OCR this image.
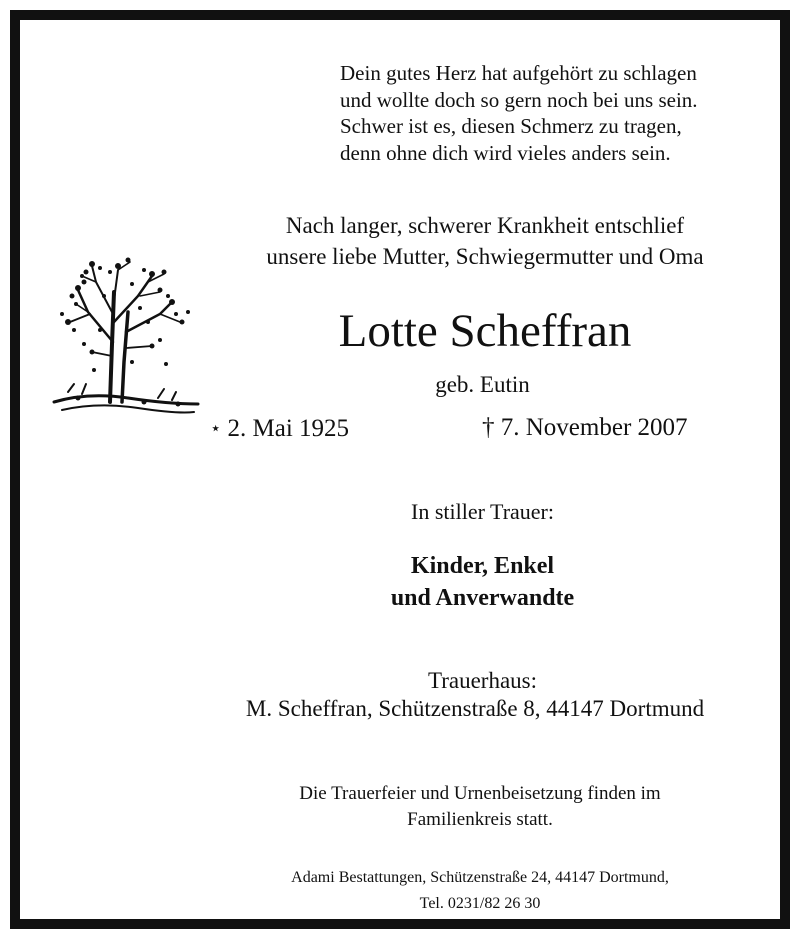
Dein gutes Herz hat aufgehört zu schlagen
und wollte doch so gern noch bei uns sein.
Schwer ist es, diesen Schmerz zu tragen,
denn ohne dich wird vieles anders sein.
Nach langer, schwerer Krankheit entschlief
unsere liebe Mutter, Schwiegermutter und Oma
Lotte Scheffran
geb. Eutin
⋆ 2. Mai 1925	† 7. November 2007
In stiller Trauer:
Kinder, Enkel
und Anverwandte
Trauerhaus:
M. Scheffran, Schützenstraße 8, 44147 Dortmund
Die Trauerfeier und Urnenbeisetzung finden im
Familienkreis statt.
Adami Bestattungen, Schützenstraße 24, 44147 Dortmund,
Tel. 0231/82 26 30
